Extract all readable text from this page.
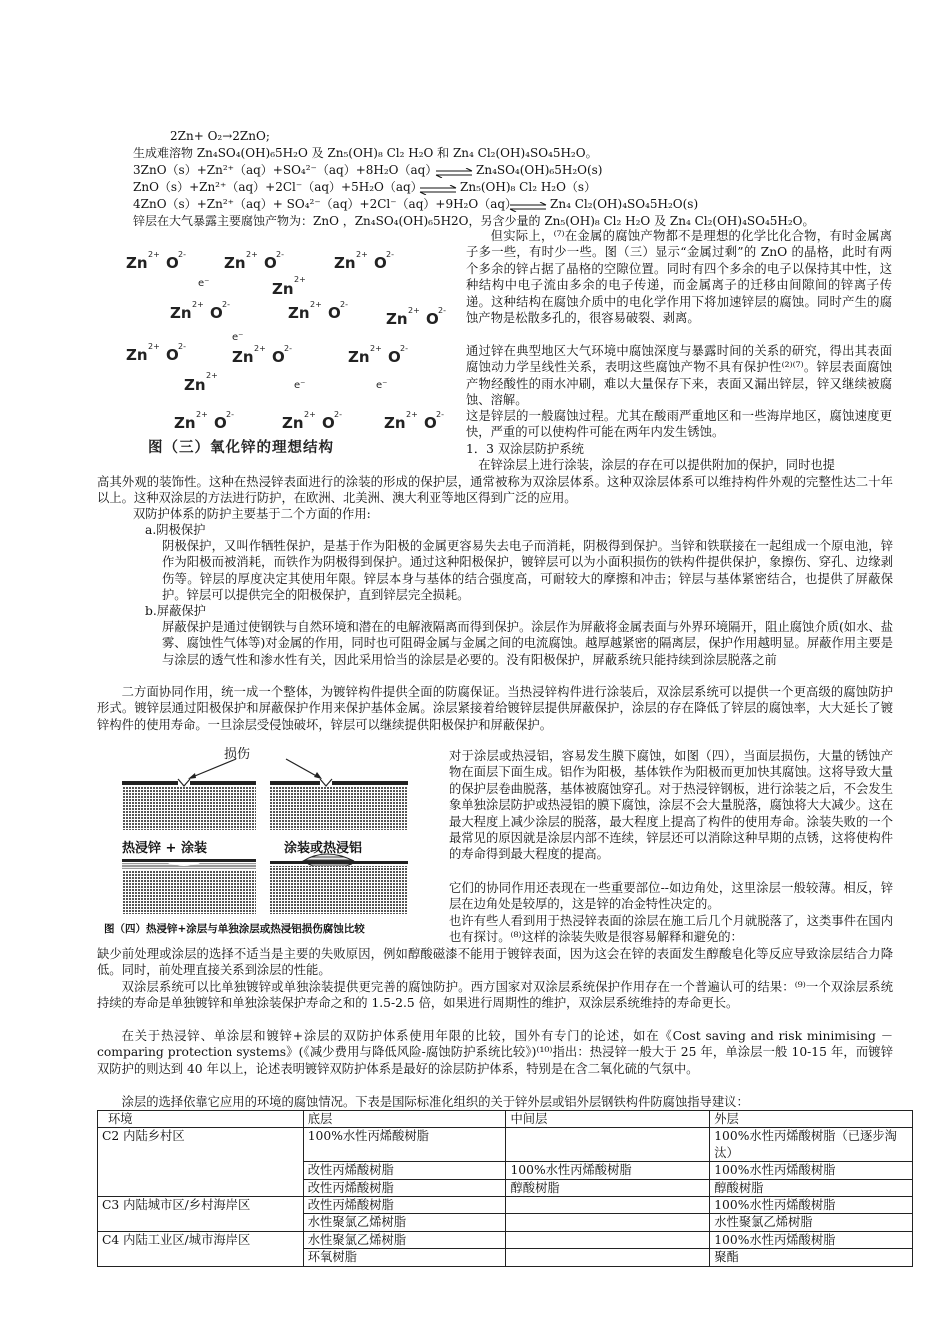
2Zn+ O₂→2ZnO;
生成难溶物 Zn₄SO₄(OH)₆5H₂O 及 Zn₅(OH)₈ Cl₂ H₂O 和 Zn₄ Cl₂(OH)₄SO₄5H₂O。
3ZnO（s）+Zn²⁺（aq）+SO₄²⁻（aq）+8H₂O（aq） ⇌ Zn₄SO₄(OH)₆5H₂O(s)
ZnO（s）+Zn²⁺（aq）+2Cl⁻（aq）+5H₂O（aq） ⇌ Zn₅(OH)₈ Cl₂ H₂O（s）
4ZnO（s）+Zn²⁺（aq）+ SO₄²⁻（aq）+2Cl⁻（aq）+9H₂O（aq） ⇌ Zn₄ Cl₂(OH)₄SO₄5H₂O(s)
锌层在大气暴露主要腐蚀产物为：ZnO ，Zn₄SO₄(OH)₆5H2O，另含少量的 Zn₅(OH)₈ Cl₂ H₂O 及 Zn₄ Cl₂(OH)₄SO₄5H₂O。
Zn 2+ O 2-	Zn 2+ O 2-	Zn 2+ O 2-
Zn 2+ O 2-	Zn 2+ O 2-
Zn 2+ O 2-
Zn 2+ O 2-
Zn 2+ O 2-	Zn 2+ O 2-
Zn 2+ O 2-	Zn 2+ O 2-	Zn 2+ O 2-
Zn
2+
Zn
2+
e⁻
e⁻
e⁻	e⁻
图（三）氧化锌的理想结构
但实际上，⁽⁷⁾在金属的腐蚀产物都不是理想的化学比化合物，有时金属离子多一些，有时少一些。图（三）显示“金属过剩”的 ZnO 的晶格，此时有两个多余的锌占据了晶格的空隙位置。同时有四个多余的电子以保持其中性，这种结构中电子流由多余的电子传递，而金属离子的迁移由间隙间的锌离子传递。这种结构在腐蚀介质中的电化学作用下将加速锌层的腐蚀。同时产生的腐蚀产物是松散多孔的，很容易破裂、剥离。
通过锌在典型地区大气环境中腐蚀深度与暴露时间的关系的研究，得出其表面腐蚀动力学呈线性关系，表明这些腐蚀产物不具有保护性⁽²⁾⁽⁷⁾。锌层表面腐蚀产物经酸性的雨水冲刷，难以大量保存下来，表面又漏出锌层，锌又继续被腐蚀、溶解。
这是锌层的一般腐蚀过程。尤其在酸雨严重地区和一些海岸地区，腐蚀速度更快，严重的可以使构件可能在两年内发生锈蚀。
1．3 双涂层防护系统
在锌涂层上进行涂装，涂层的存在可以提供附加的保护，同时也提
高其外观的装饰性。这种在热浸锌表面进行的涂装的形成的保护层，通常被称为双涂层体系。这种双涂层体系可以维持构件外观的完整性达二十年以上。这种双涂层的方法进行防护，在欧洲、北美洲、澳大利亚等地区得到广泛的应用。
双防护体系的防护主要基于二个方面的作用:
a.阴极保护
阴极保护，又叫作牺牲保护，是基于作为阳极的金属更容易失去电子而消耗，阴极得到保护。当锌和铁联接在一起组成一个原电池，锌作为阳极而被消耗，而铁作为阴极得到保护。通过这种阳极保护，镀锌层可以为小面积损伤的铁构件提供保护，象擦伤、穿孔、边缘剥伤等。锌层的厚度决定其使用年限。锌层本身与基体的结合强度高，可耐较大的摩擦和冲击；锌层与基体紧密结合，也提供了屏蔽保护。锌层可以提供完全的阳极保护，直到锌层完全损耗。
b.屏蔽保护
屏蔽保护是通过使钢铁与自然环境和潜在的电解液隔离而得到保护。涂层作为屏蔽将金属表面与外界环境隔开，阻止腐蚀介质(如水、盐雾、腐蚀性气体等)对金属的作用，同时也可阻碍金属与金属之间的电流腐蚀。越厚越紧密的隔离层，保护作用越明显。屏蔽作用主要是与涂层的透气性和渗水性有关，因此采用恰当的涂层是必要的。没有阳极保护，屏蔽系统只能持续到涂层脱落之前
二方面协同作用，统一成一个整体，为镀锌构件提供全面的防腐保证。当热浸锌构件进行涂装后，双涂层系统可以提供一个更高级的腐蚀防护形式。镀锌层通过阳极保护和屏蔽保护作用来保护基体金属。涂层紧接着给镀锌层提供屏蔽保护，涂层的存在降低了锌层的腐蚀率，大大延长了镀锌构件的使用寿命。一旦涂层受侵蚀破坏，锌层可以继续提供阳极保护和屏蔽保护。
损伤
热浸锌 + 涂装	涂装或热浸铝
图（四）热浸锌+涂层与单独涂层或热浸铝损伤腐蚀比较
对于涂层或热浸铝，容易发生膜下腐蚀，如图（四），当面层损伤，大量的锈蚀产物在面层下面生成。铝作为阳极，基体铁作为阳极而更加快其腐蚀。这将导致大量的保护层卷曲脱落，基体被腐蚀穿孔。对于热浸锌钢板，进行涂装之后，不会发生象单独涂层防护或热浸铝的膜下腐蚀，涂层不会大量脱落，腐蚀将大大减少。这在最大程度上减少涂层的脱落，最大程度上提高了构件的使用寿命。涂装失败的一个最常见的原因就是涂层内部不连续，锌层还可以消除这种早期的点锈，这将使构件的寿命得到最大程度的提高。
它们的协同作用还表现在一些重要部位--如边角处，这里涂层一般较薄。相反，锌层在边角处是较厚的，这是锌的冶金特性决定的。
也许有些人看到用于热浸锌表面的涂层在施工后几个月就脱落了，这类事件在国内也有探讨。⁽⁸⁾这样的涂装失败是很容易解释和避免的：
缺少前处理或涂层的选择不适当是主要的失败原因，例如醇酸磁漆不能用于镀锌表面，因为这会在锌的表面发生醇酸皂化等反应导致涂层结合力降低。同时，前处理直接关系到涂层的性能。
双涂层系统可以比单独镀锌或单独涂装提供更完善的腐蚀防护。西方国家对双涂层系统保护作用存在一个普遍认可的结果：⁽⁹⁾一个双涂层系统持续的寿命是单独镀锌和单独涂装保护寿命之和的 1.5-2.5 倍，如果进行周期性的维护，双涂层系统维持的寿命更长。
在关于热浸锌、单涂层和镀锌+涂层的双防护体系使用年限的比较，国外有专门的论述，如在《Cost saving and risk minimising －comparing protection systems》(《减少费用与降低风险-腐蚀防护系统比较》)⁽¹⁰⁾指出：热浸锌一般大于 25 年，单涂层一般 10-15 年，而镀锌双防护的则达到 40 年以上，论述表明镀锌双防护体系是最好的涂层防护体系，特别是在含二氧化硫的气氛中。
涂层的选择依靠它应用的环境的腐蚀情况。下表是国际标准化组织的关于锌外层或铝外层钢铁构件防腐蚀指导建议：
环境	底层	中间层	外层
C2 内陆乡村区	100%水性丙烯酸树脂		100%水性丙烯酸树脂（已逐步淘汰）
	改性丙烯酸树脂	100%水性丙烯酸树脂	100%水性丙烯酸树脂
	改性丙烯酸树脂	醇酸树脂	醇酸树脂
C3 内陆城市区/乡村海岸区	改性丙烯酸树脂		100%水性丙烯酸树脂
	水性聚氯乙烯树脂		水性聚氯乙烯树脂
C4 内陆工业区/城市海岸区	水性聚氯乙烯树脂		100%水性丙烯酸树脂
	环氧树脂		聚酯
